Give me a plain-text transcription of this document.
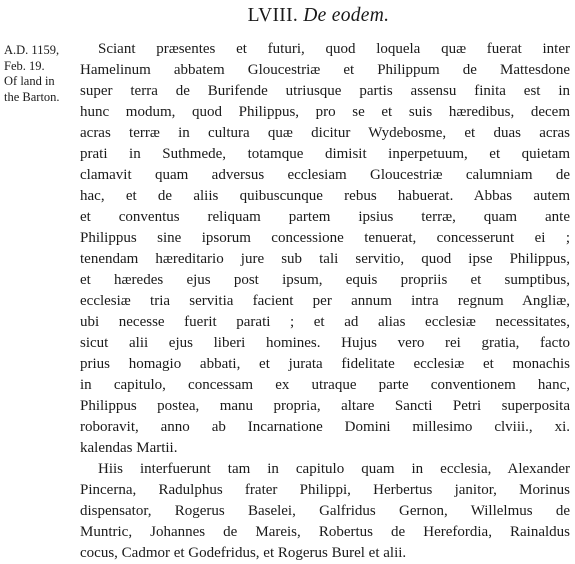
LVIII. De eodem.
A.D. 1159,
Feb. 19.
Of land in
the Barton.
Sciant præsentes et futuri, quod loquela quæ fuerat inter
Hamelinum abbatem Gloucestriæ et Philippum de Mattesdone
super terra de Burifende utriusque partis assensu finita est in
hunc modum, quod Philippus, pro se et suis hæredibus, decem
acras terræ in cultura quæ dicitur Wydebosme, et duas acras
prati in Suthmede, totamque dimisit inperpetuum, et quietam
clamavit quam adversus ecclesiam Gloucestriæ calumniam de
hac, et de aliis quibuscunque rebus habuerat. Abbas autem
et conventus reliquam partem ipsius terræ, quam ante
Philippus sine ipsorum concessione tenuerat, concesserunt ei ;
tenendam hæreditario jure sub tali servitio, quod ipse Philippus,
et hæredes ejus post ipsum, equis propriis et sumptibus,
ecclesiæ tria servitia facient per annum intra regnum Angliæ,
ubi necesse fuerit parati ; et ad alias ecclesiæ necessitates,
sicut alii ejus liberi homines. Hujus vero rei gratia, facto
prius homagio abbati, et jurata fidelitate ecclesiæ et monachis
in capitulo, concessam ex utraque parte conventionem hanc,
Philippus postea, manu propria, altare Sancti Petri superposita
roboravit, anno ab Incarnatione Domini millesimo clviii., xi.
kalendas Martii.
Hiis interfuerunt tam in capitulo quam in ecclesia, Alexander
Pincerna, Radulphus frater Philippi, Herbertus janitor, Morinus
dispensator, Rogerus Baselei, Galfridus Gernon, Willelmus de
Muntric, Johannes de Mareis, Robertus de Herefordia, Rainaldus
cocus, Cadmor et Godefridus, et Rogerus Burel et alii.
